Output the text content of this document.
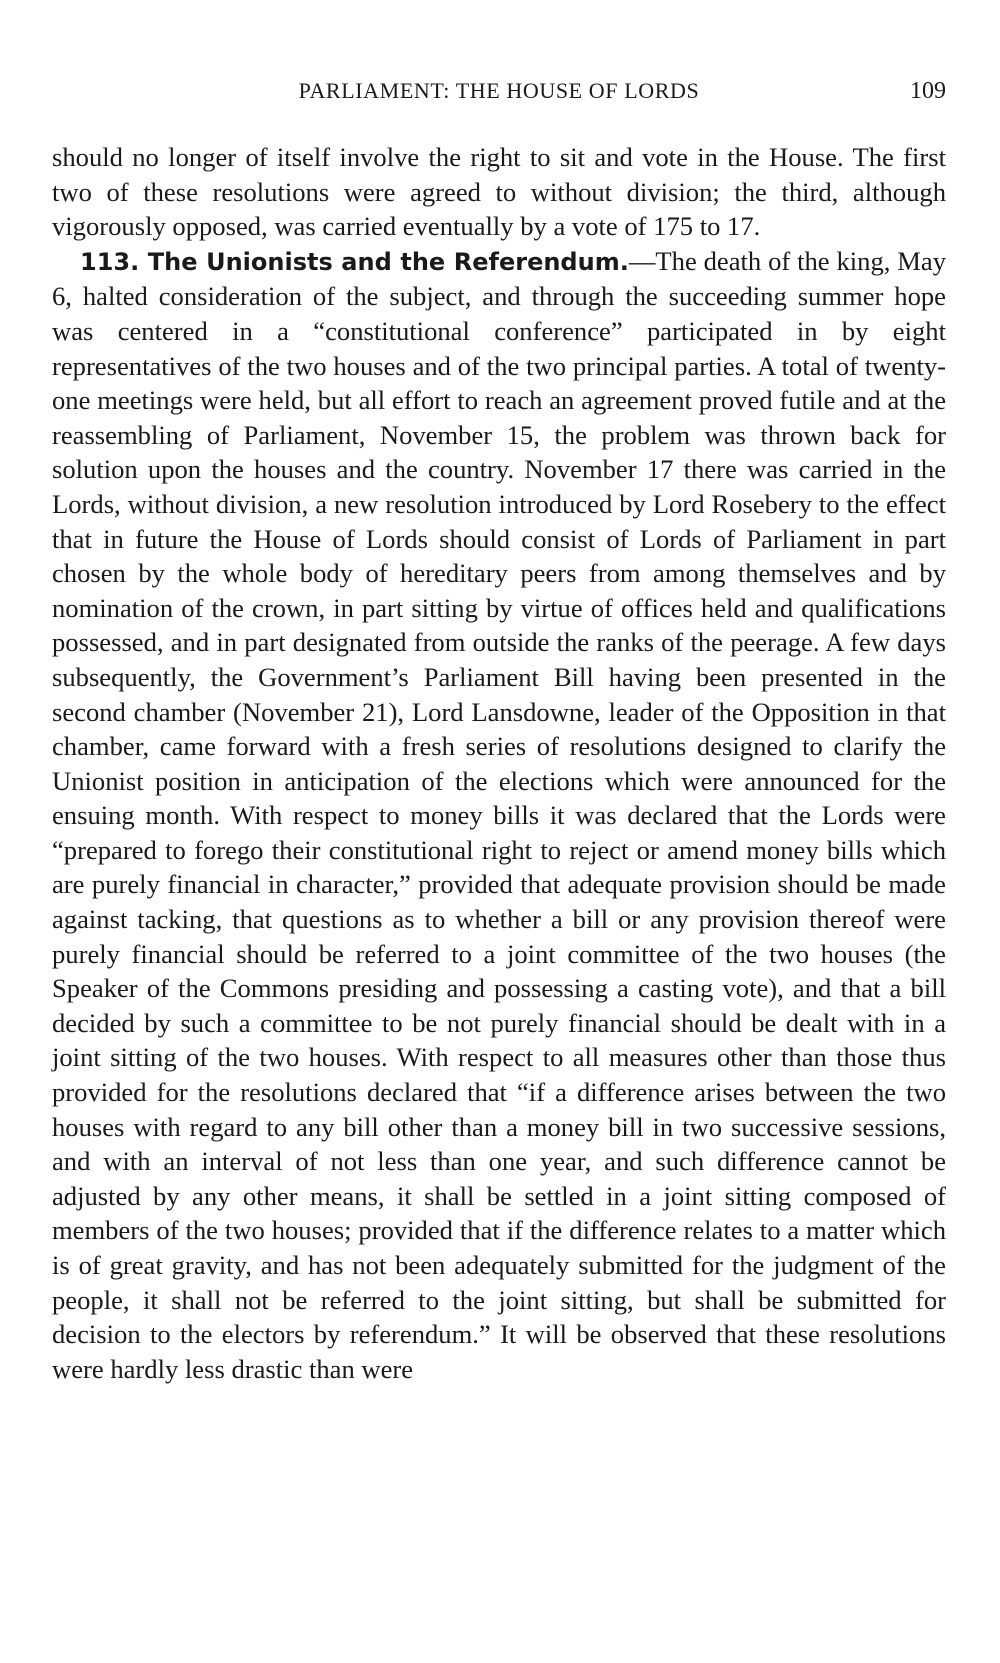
PARLIAMENT: THE HOUSE OF LORDS	109

should no longer of itself involve the right to sit and vote in the House. The first two of these resolutions were agreed to without division; the third, although vigorously opposed, was carried eventually by a vote of 175 to 17.

113. The Unionists and the Referendum.—The death of the king, May 6, halted consideration of the subject, and through the succeeding summer hope was centered in a “constitutional conference” participated in by eight representatives of the two houses and of the two principal parties. A total of twenty-one meetings were held, but all effort to reach an agreement proved futile and at the reassembling of Parliament, November 15, the problem was thrown back for solution upon the houses and the country. November 17 there was carried in the Lords, without division, a new resolution introduced by Lord Rosebery to the effect that in future the House of Lords should consist of Lords of Parliament in part chosen by the whole body of hereditary peers from among themselves and by nomination of the crown, in part sitting by virtue of offices held and qualifications possessed, and in part designated from outside the ranks of the peerage. A few days subsequently, the Government’s Parliament Bill having been presented in the second chamber (November 21), Lord Lansdowne, leader of the Opposition in that chamber, came forward with a fresh series of resolutions designed to clarify the Unionist position in anticipation of the elections which were announced for the ensuing month. With respect to money bills it was declared that the Lords were “prepared to forego their constitutional right to reject or amend money bills which are purely financial in character,” provided that adequate provision should be made against tacking, that questions as to whether a bill or any provision thereof were purely financial should be referred to a joint committee of the two houses (the Speaker of the Commons presiding and possessing a casting vote), and that a bill decided by such a committee to be not purely financial should be dealt with in a joint sitting of the two houses. With respect to all measures other than those thus provided for the resolutions declared that “if a difference arises between the two houses with regard to any bill other than a money bill in two successive sessions, and with an interval of not less than one year, and such difference cannot be adjusted by any other means, it shall be settled in a joint sitting composed of members of the two houses; provided that if the difference relates to a matter which is of great gravity, and has not been adequately submitted for the judgment of the people, it shall not be referred to the joint sitting, but shall be submitted for decision to the electors by referendum.” It will be observed that these resolutions were hardly less drastic than were
